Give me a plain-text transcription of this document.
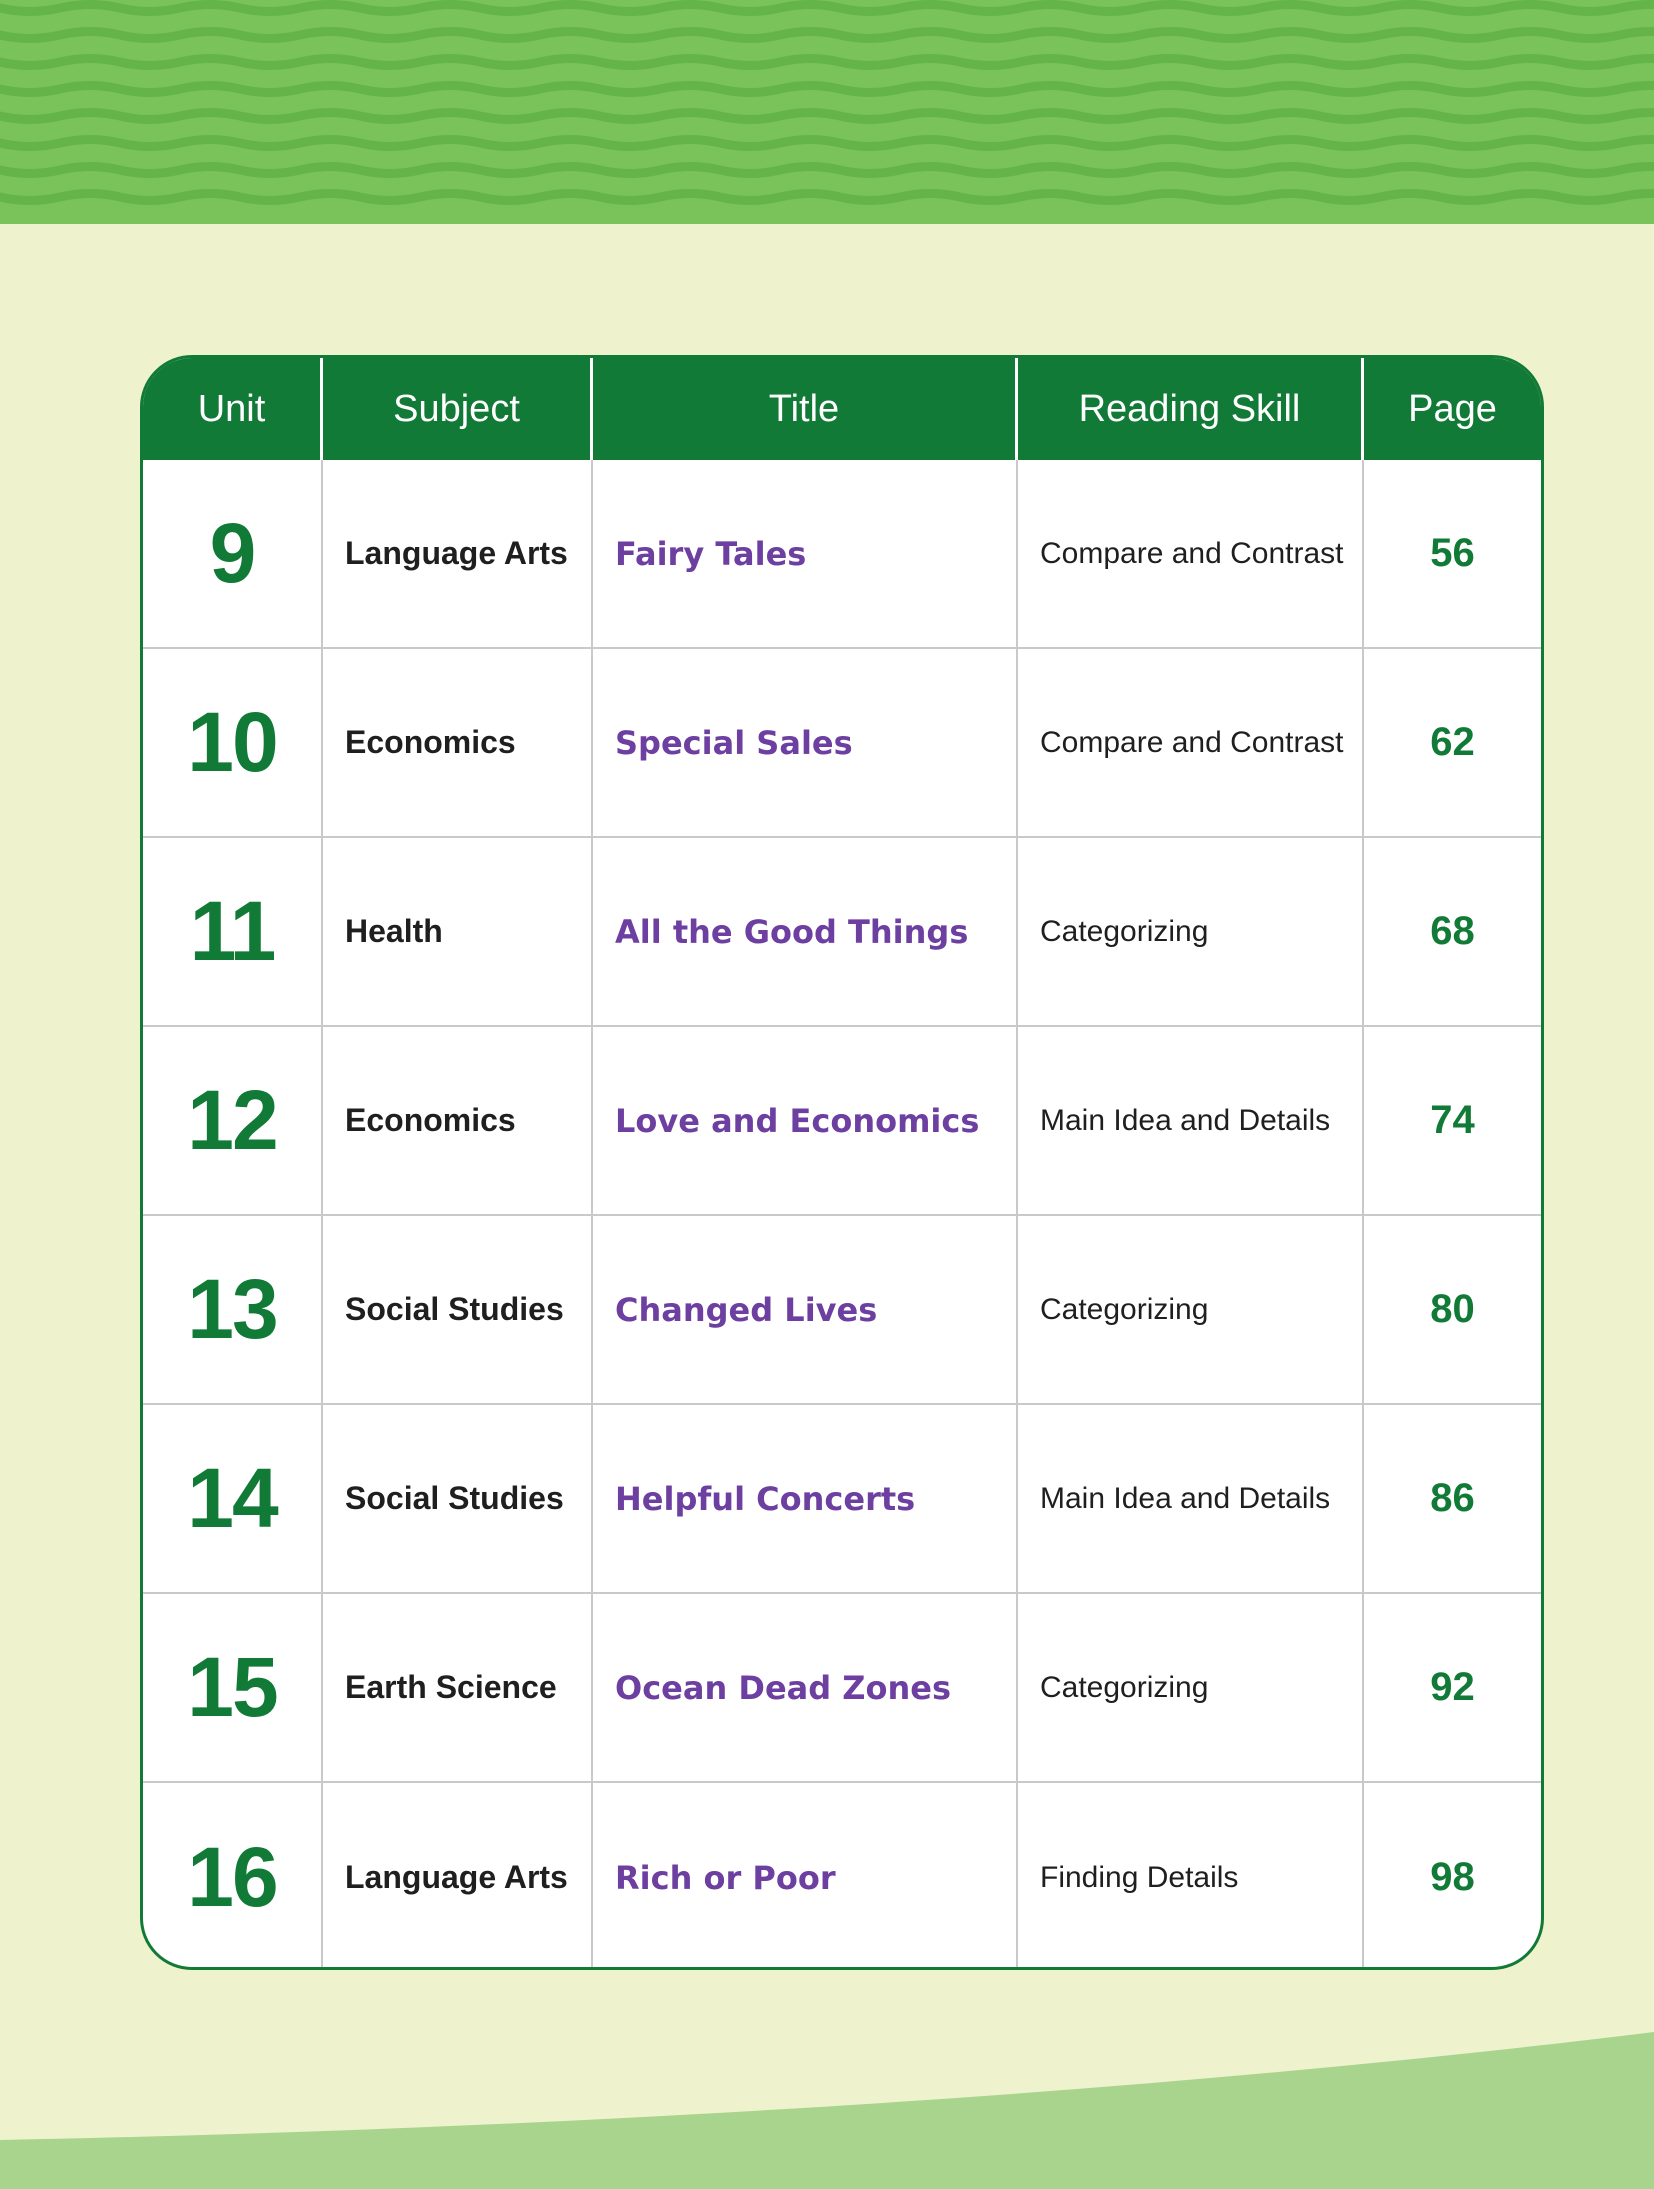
Unit	Subject	Title	Reading Skill	Page
9	Language Arts	Fairy Tales	Compare and Contrast	56
10	Economics	Special Sales	Compare and Contrast	62
11	Health	All the Good Things	Categorizing	68
12	Economics	Love and Economics	Main Idea and Details	74
13	Social Studies	Changed Lives	Categorizing	80
14	Social Studies	Helpful Concerts	Main Idea and Details	86
15	Earth Science	Ocean Dead Zones	Categorizing	92
16	Language Arts	Rich or Poor	Finding Details	98
